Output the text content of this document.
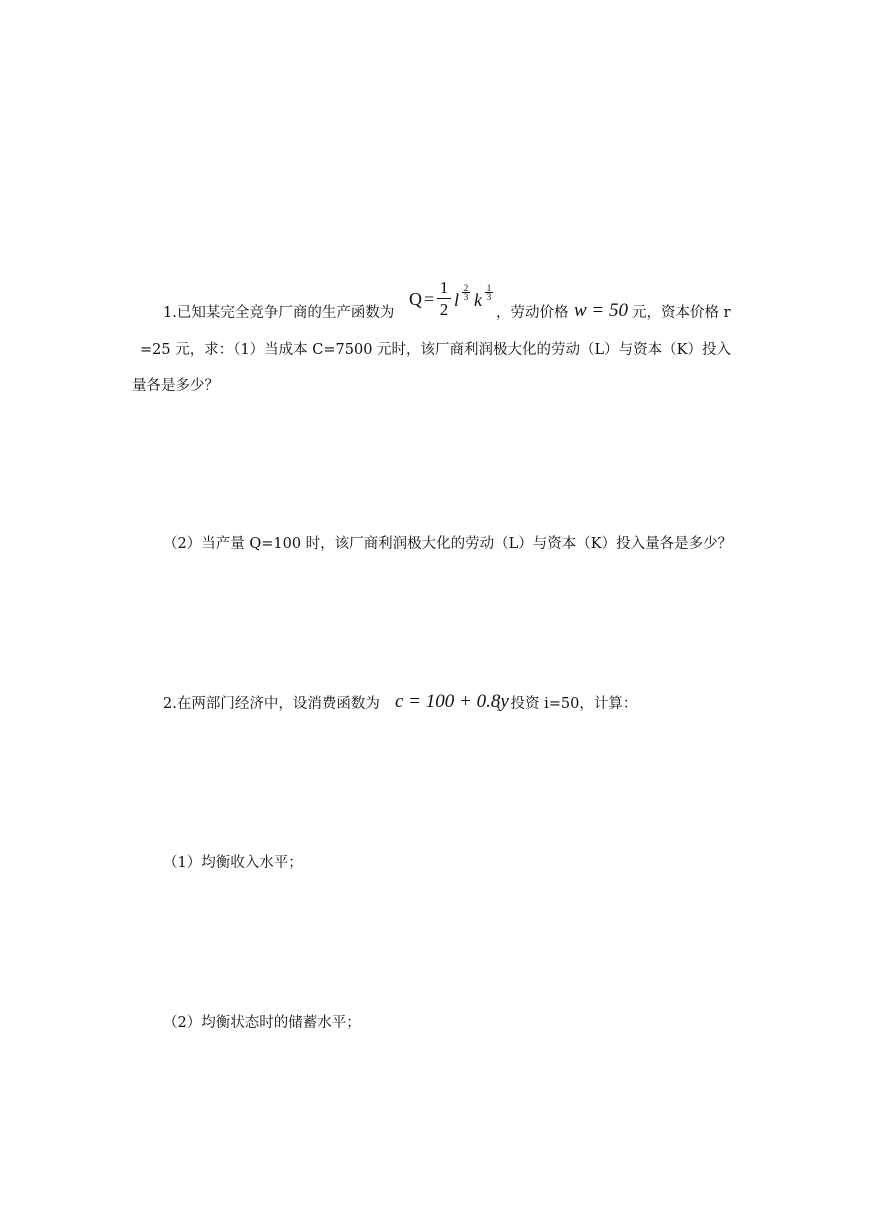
1.已知某完全竞争厂商的生产函数为
Q =
1
2 l
2
3 k
1
3
，劳动价格 w = 50 元，资本价格 r
=25 元，求：（1）当成本 C=7500 元时，该厂商利润极大化的劳动（L）与资本（K）投入
量各是多少？
（2）当产量 Q=100 时，该厂商利润极大化的劳动（L）与资本（K）投入量各是多少？
2.在两部门经济中，设消费函数为 c = 100 + 0.8y
，投资 i=50，计算：
（1）均衡收入水平；
（2）均衡状态时的储蓄水平；
